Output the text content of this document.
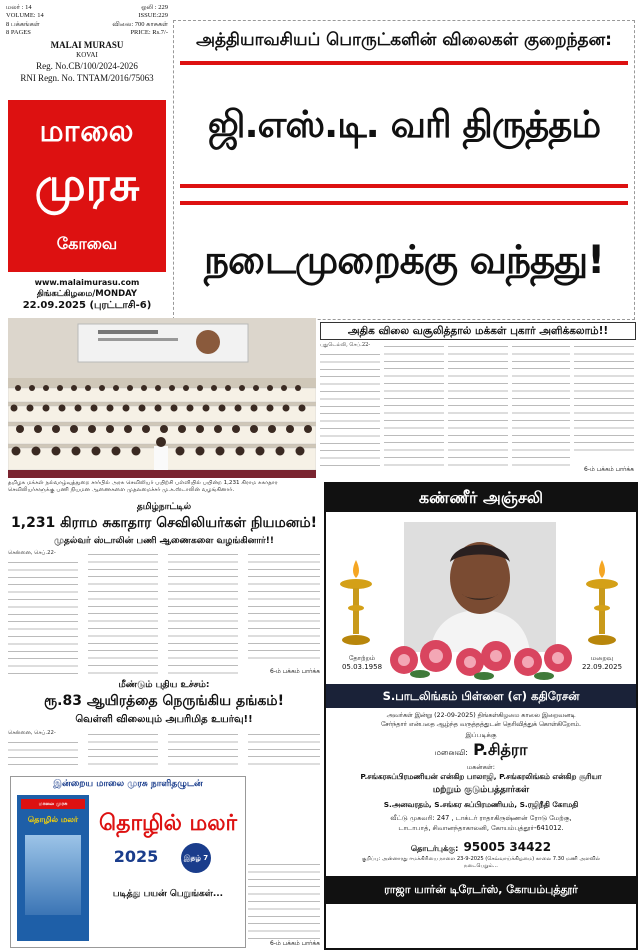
மலர் : 14
VOLUME: 14
8 பக்கங்கள்
8 PAGES
ஓலி : 229
ISSUE:229
விலை: 700 காசுகள்
PRICE: Rs.7/-
MALAI MURASU
KOVAI
Reg. No.CB/100/2024-2026
RNI Regn. No. TNTAM/2016/75063
மாலை
முரசு
கோவை
www.malaimurasu.com
திங்கட்கிழமை/MONDAY
22.09.2025 (புரட்டாசி-6)
அத்தியாவசியப் பொருட்களின் விலைகள் குறைந்தன:
ஜி.எஸ்.டி. வரி திருத்தம்
நடைமுறைக்கு வந்தது!
தமிழக மக்கள் நல்வாழ்வுத்துறை சார்பில் அரசு செவிலியர் பயிற்சி பள்ளியில் பயின்ற 1,231 கிராம சுகாதார செவிலியர்களுக்கு பணி நியமன ஆணைகளை முதலமைச்சர் மு.க.ஸ்டாலின் வழங்கினார்.
அதிக விலை வசூலித்தால் மக்கள் புகார் அளிக்கலாம்!!
புதுடெல்லி, செப்.22-
6-ம் பக்கம் பார்க்க
தமிழ்நாட்டில்
1,231 கிராம சுகாதார செவிலியர்கள் நியமனம்!
முதல்வர் ஸ்டாலின் பணி ஆணைகளை வழங்கினார்!!
சென்னை, செப்.22-
6-ம் பக்கம் பார்க்க
மீண்டும் புதிய உச்சம்:
ரூ.83 ஆயிரத்தை நெருங்கிய தங்கம்!
வெள்ளி விலையும் அபரிமித உயர்வு!!
சென்னை, செப்.22-
6-ம் பக்கம் பார்க்க
இன்றைய மாலை முரசு நாளிதழுடன்
மாலை முரசு
தொழில் மலர் தொழில் மலர்
2025	இதழ் 7
படித்து பயன் பெறுங்கள்...
கண்ணீர் அஞ்சலி
தோற்றம்
05.03.1958
மறைவு
22.09.2025
S.பாடலிங்கம் பிள்ளை (எ) கதிரேசன்
அவர்கள் இன்று (22-09-2025) திங்கள்கிழமை காலை இறைவனடி
சேர்ந்தார் என்பதை ஆழ்ந்த வருத்தத்துடன் தெரிவித்துக் கொள்கிறோம்.
இப்படிக்கு
மனைவி: P.சித்ரா
மகன்கள்:
P.சங்கரசுப்பிரமணியன் என்கிற பாலாஜி, P.சங்கரலிங்கம் என்கிற சூரியா
மற்றும் குடும்பத்தார்கள்
S.அனவரதம், S.சங்கர சுப்பிரமணியம், S.ரஜிநீதி கோமதி
வீட்டு முகவரி: 247 , டாக்டர் ராதாகிருஷ்ணன் ரோடு மேற்கு,
டாடாபாத், சிவானந்தாகாலனி, கோயம்புத்தூர்-641012.
தொடர்புக்கு: 95005 34422
குறிப்பு: அன்னாரது ஈமக்கிரியை நாளை 23-9-2025 (செவ்வாய்க்கிழமை) காலை 7.30 மணி அளவில்
நடைபெறும்...
ராஜா யார்ன் டிரேடர்ஸ், கோயம்புத்தூர்
